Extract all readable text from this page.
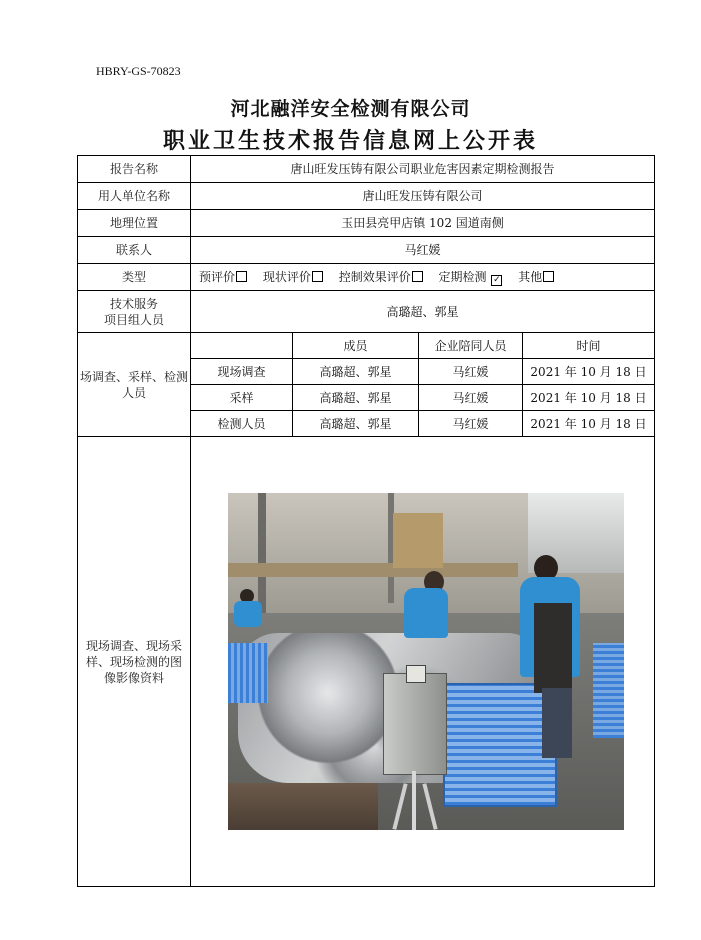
HBRY-GS-70823
河北融洋安全检测有限公司
职业卫生技术报告信息网上公开表
报告名称	唐山旺发压铸有限公司职业危害因素定期检测报告			
用人单位名称	唐山旺发压铸有限公司			
地理位置	玉田县亮甲店镇 102 国道南侧			
联系人	马红媛			
类型	预评价 现状评价 控制效果评价 定期检测 ✓ 其他			

技术服务
项目组人员	高璐超、郭星			
场调查、采样、检测人员		成员	企业陪同人员	时间
	现场调查	高璐超、郭星	马红媛	2021 年 10 月 18 日
	采样	高璐超、郭星	马红媛	2021 年 10 月 18 日
	检测人员	高璐超、郭星	马红媛	2021 年 10 月 18 日
现场调查、现场采样、现场检测的图像影像资料				
